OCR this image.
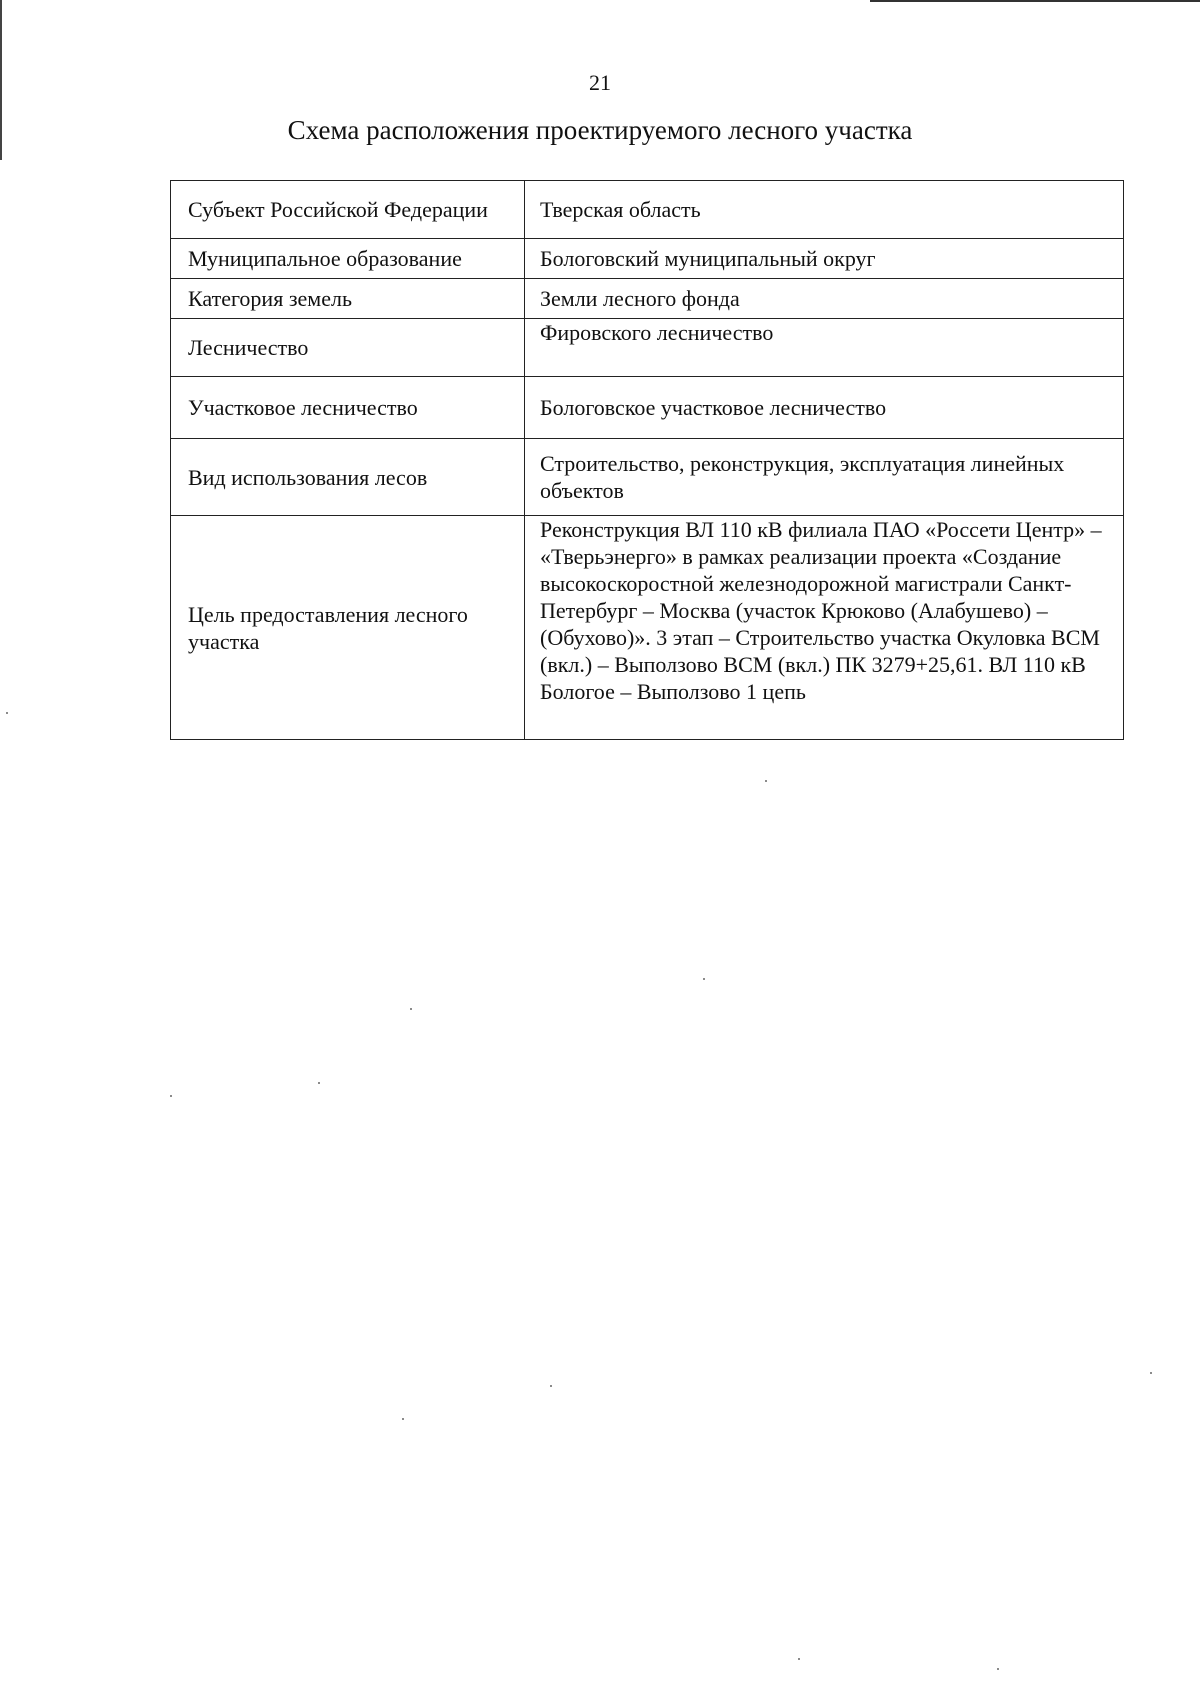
21
Схема расположения проектируемого лесного участка
Субъект Российской Федерации	Тверская область
Муниципальное образование	Бологовский муниципальный округ
Категория земель	Земли лесного фонда
Лесничество	Фировского лесничество
Участковое лесничество	Бологовское участковое лесничество
Вид использования лесов	Строительство, реконструкция, эксплуатация линейных объектов
Цель предоставления лесного участка	Реконструкция ВЛ 110 кВ филиала ПАО «Россети Центр» – «Тверьэнерго» в рамках реализации проекта «Создание высокоскоростной железнодорожной магистрали Санкт-Петербург – Москва (участок Крюково (Алабушево) – (Обухово)». 3 этап – Строительство участка Окуловка ВСМ (вкл.) – Выползово ВСМ (вкл.) ПК 3279+25,61. ВЛ 110 кВ Бологое – Выползово 1 цепь
